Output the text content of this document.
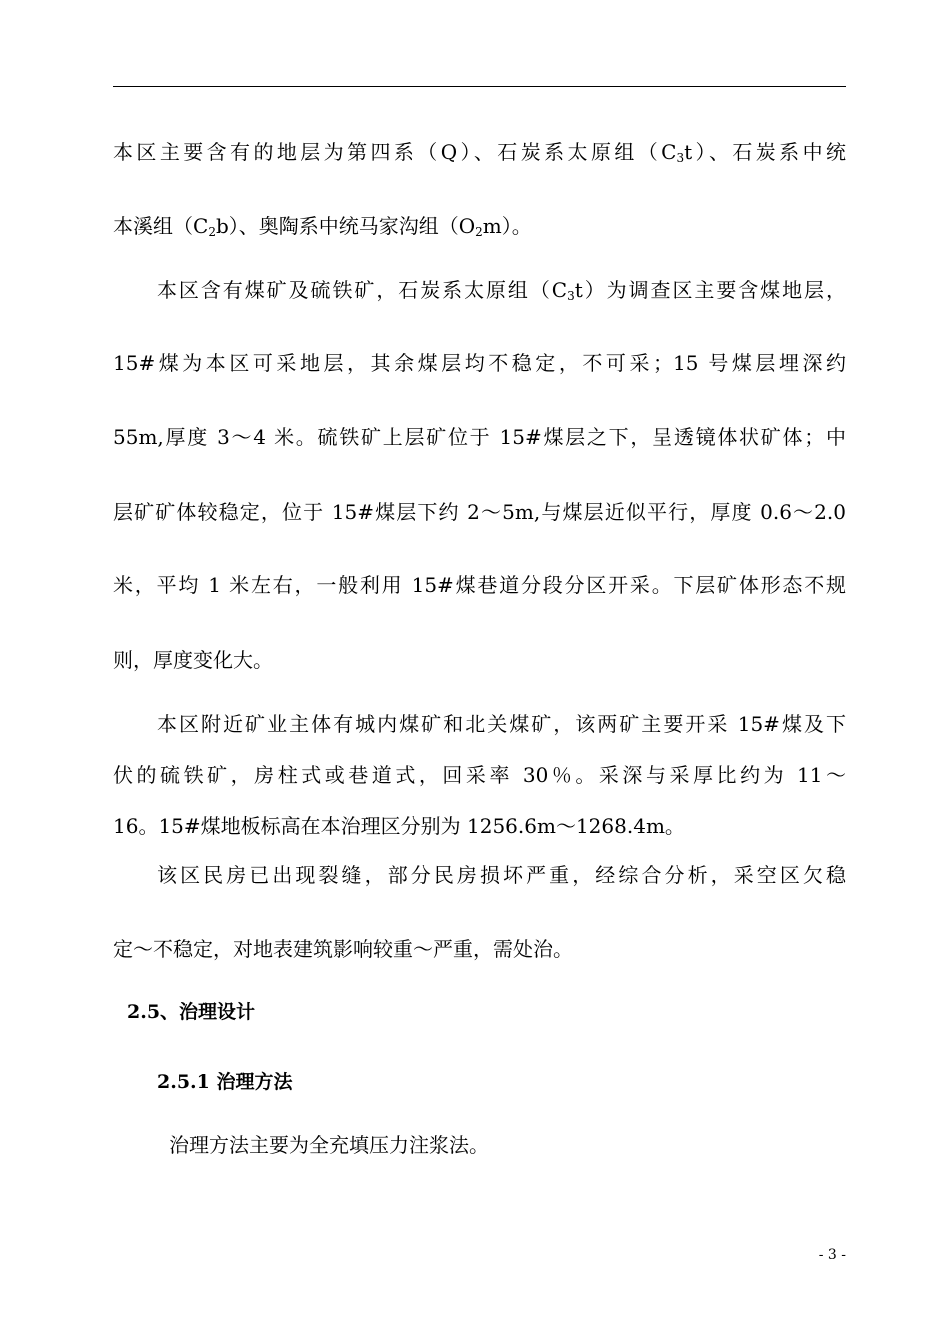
本区主要含有的地层为第四系（Q）、石炭系太原组$(C_3t)$、石炭系中统
本溪组$(C_2b)$、奥陶系中统马家沟组$(O_2m)$。
本区含有煤矿及硫铁矿，石炭系太原组$(C_3t)$为调查区主要含煤地层，
15#煤为本区可采地层，其余煤层均不稳定，不可采；15 号煤层埋深约
55m,厚度 3～4 米。硫铁矿上层矿位于 15#煤层之下，呈透镜体状矿体；中
层矿矿体较稳定，位于 15#煤层下约 2～5m,与煤层近似平行，厚度 0.6～2.0
米，平均 1 米左右，一般利用 15#煤巷道分段分区开采。下层矿体形态不规
则，厚度变化大。
本区附近矿业主体有城内煤矿和北关煤矿，该两矿主要开采 15#煤及下
伏的硫铁矿，房柱式或巷道式，回采率 30％。采深与采厚比约为 11～
16。15#煤地板标高在本治理区分别为 1256.6m～1268.4m。
该区民房已出现裂缝，部分民房损坏严重，经综合分析，采空区欠稳
定～不稳定，对地表建筑影响较重～严重，需处治。
2.5、治理设计
2.5.1 治理方法
治理方法主要为全充填压力注浆法。
- 3 -
